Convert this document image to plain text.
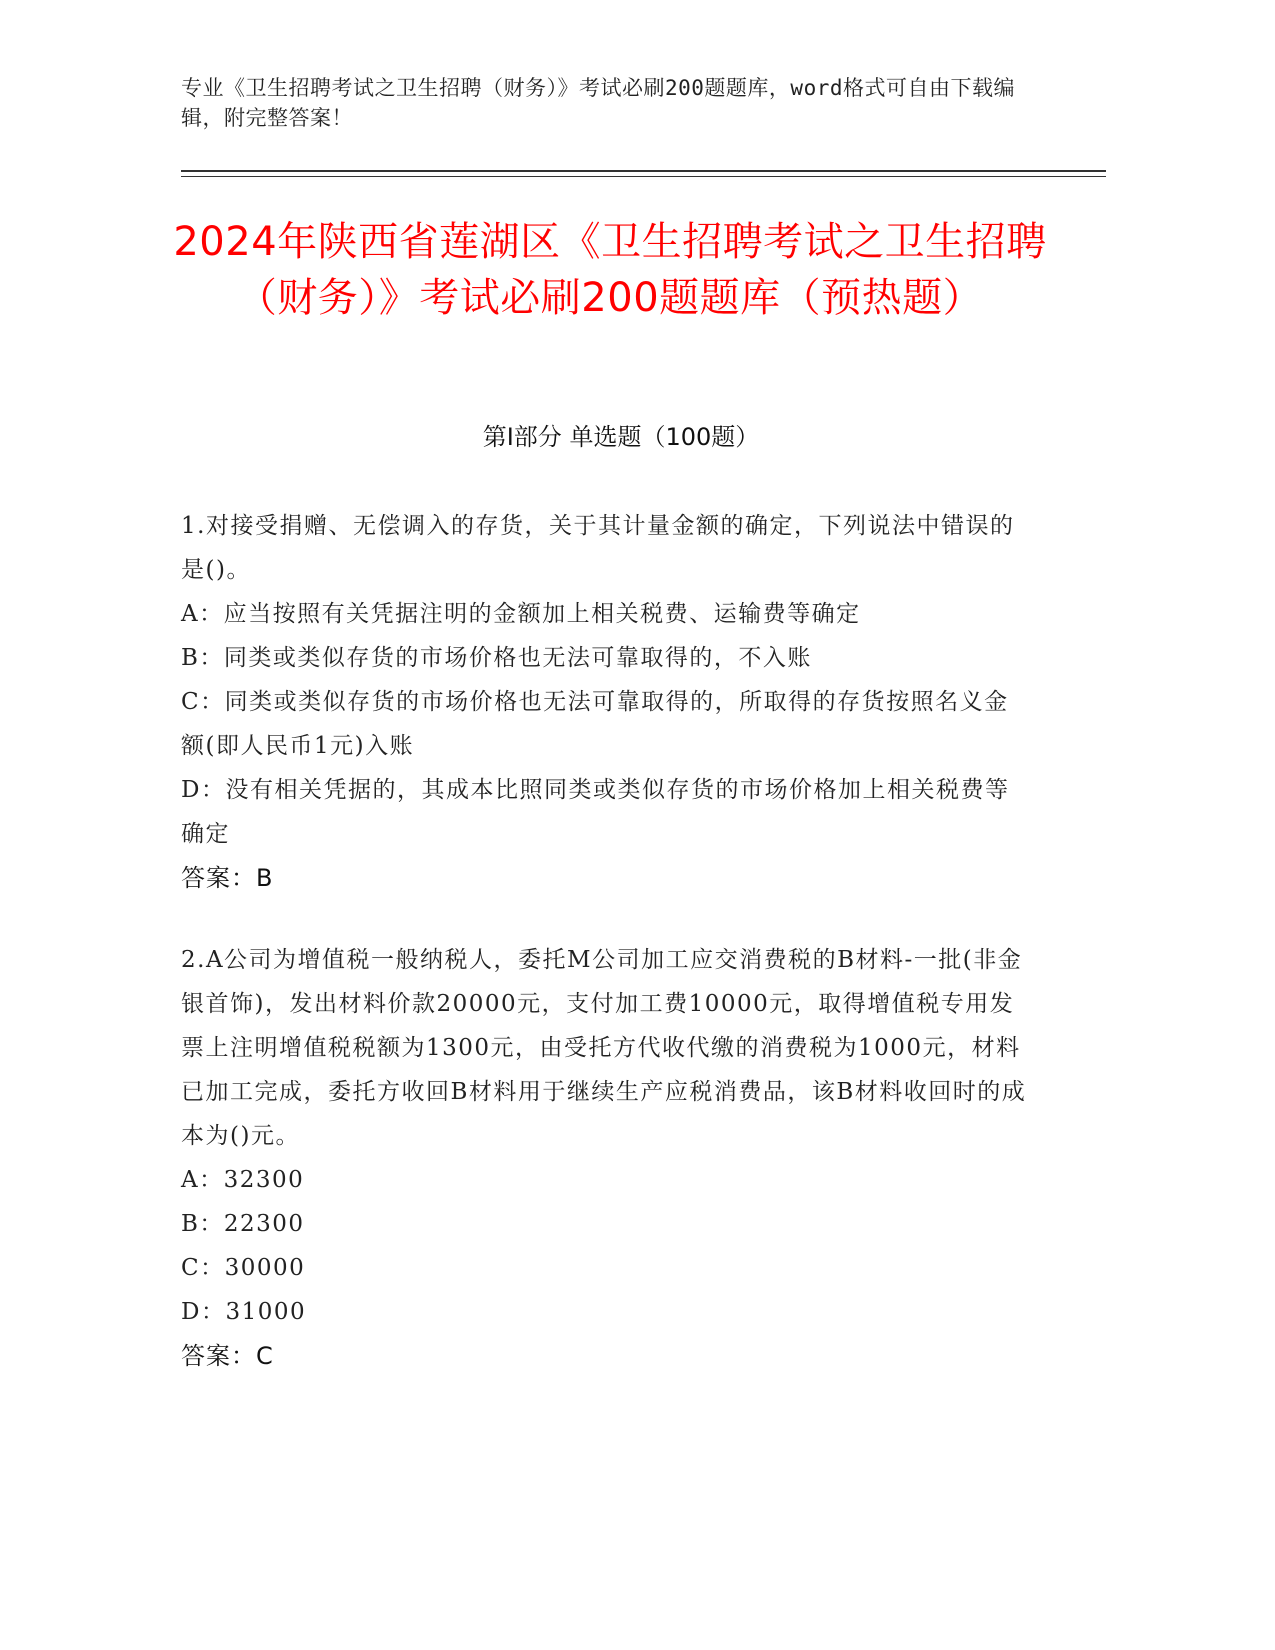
专业《卫生招聘考试之卫生招聘（财务）》考试必刷200题题库，word格式可自由下载编辑，附完整答案！
2024年陕西省莲湖区《卫生招聘考试之卫生招聘（财务）》考试必刷200题题库（预热题）
第Ⅰ部分 单选题（100题）
1.对接受捐赠、无偿调入的存货，关于其计量金额的确定，下列说法中错误的是()。
A：应当按照有关凭据注明的金额加上相关税费、运输费等确定
B：同类或类似存货的市场价格也无法可靠取得的，不入账
C：同类或类似存货的市场价格也无法可靠取得的，所取得的存货按照名义金额(即人民币1元)入账
D：没有相关凭据的，其成本比照同类或类似存货的市场价格加上相关税费等确定
答案：B
2.A公司为增值税一般纳税人，委托M公司加工应交消费税的B材料-一批(非金银首饰)，发出材料价款20000元，支付加工费10000元，取得增值税专用发票上注明增值税税额为1300元，由受托方代收代缴的消费税为1000元，材料已加工完成，委托方收回B材料用于继续生产应税消费品，该B材料收回时的成本为()元。
A：32300
B：22300
C：30000
D：31000
答案：C
